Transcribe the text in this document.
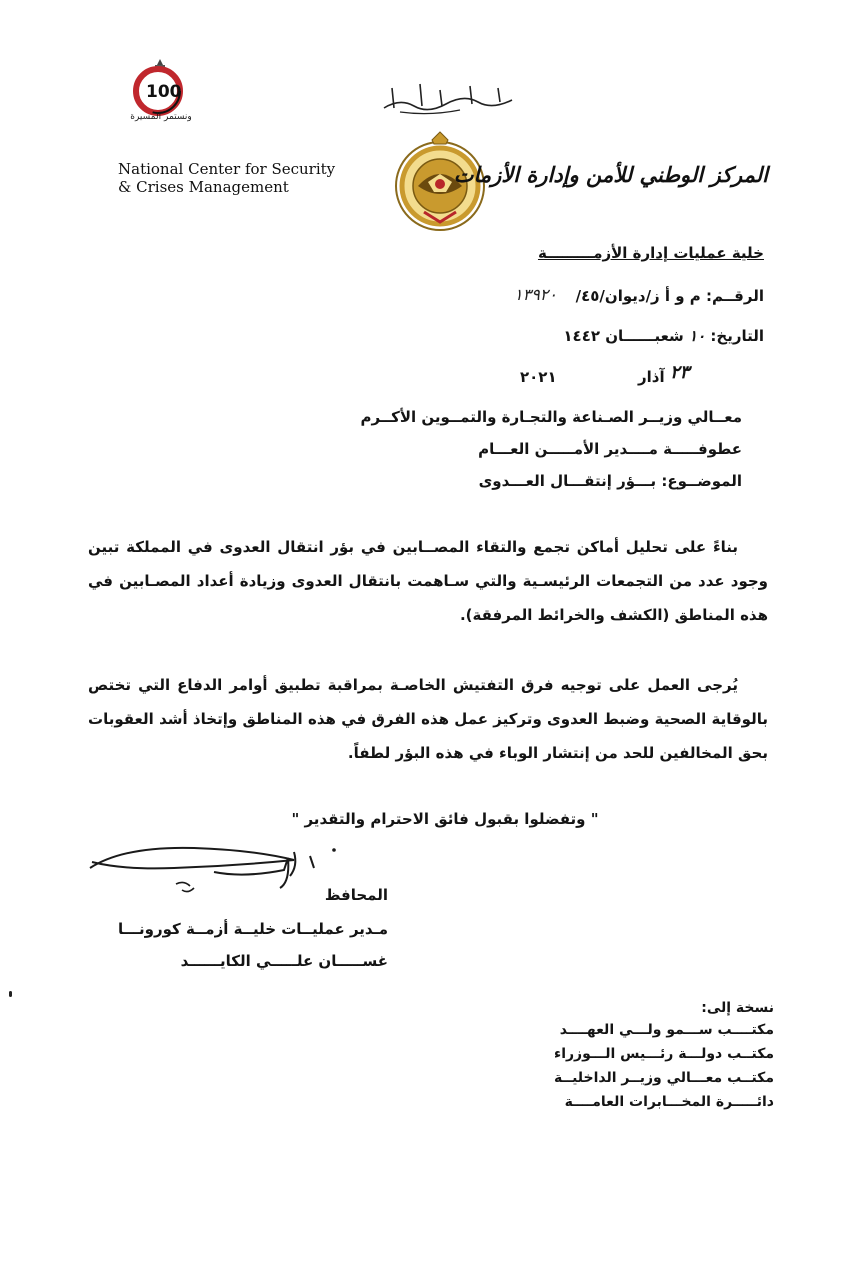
100
ونستمر المسيرة
National Center for Security
& Crises Management	المركز الوطني للأمن وإدارة الأزمات
خلية عمليات إدارة الأزمـــــــــة
الرقــم: م و أ ز/ديوان/٤٥/
١٣٩٢٠
التاريخ: ١٠ شعبــــــان ١٤٤٢
٢٠٢١	آذار ٢٣
معــالي وزيــر الصـناعة والتجـارة والتمــوين الأكــرم
عطوفـــــة مــــدير الأمـــــن العـــام
الموضــوع: بـــؤر إنتقـــال العـــدوى
بناءً على تحليل أماكن تجمع والتقاء المصــابين في بؤر انتقال العدوى في المملكة تبين
وجود عدد من التجمعات الرئيسـية والتي سـاهمت بانتقال العدوى وزيادة أعداد المصـابين في
هذه المناطق (الكشف والخرائط المرفقة).
يُرجى العمل على توجيه فرق التفتيش الخاصـة بمراقبة تطبيق أوامر الدفاع التي تختص
بالوقاية الصحية وضبط العدوى وتركيز عمل هذه الفرق في هذه المناطق وإتخاذ أشد العقوبات
بحق المخالفين للحد من إنتشار الوباء في هذه البؤر لطفاً.
" وتفضلوا بقبول فائق الاحترام والتقدير "
المحافظ
مـدير عمليــات خليــة أزمــة كورونـــا
غســـــان علـــــي الكايــــــد
نسخة إلى:
مكتــــب ســـمو ولـــي العهــــد
مكتــب دولـــة رئـــيس الـــوزراء
مكتــب معـــالي وزيــر الداخليــة
دائـــــرة المخـــابرات العامــــة
